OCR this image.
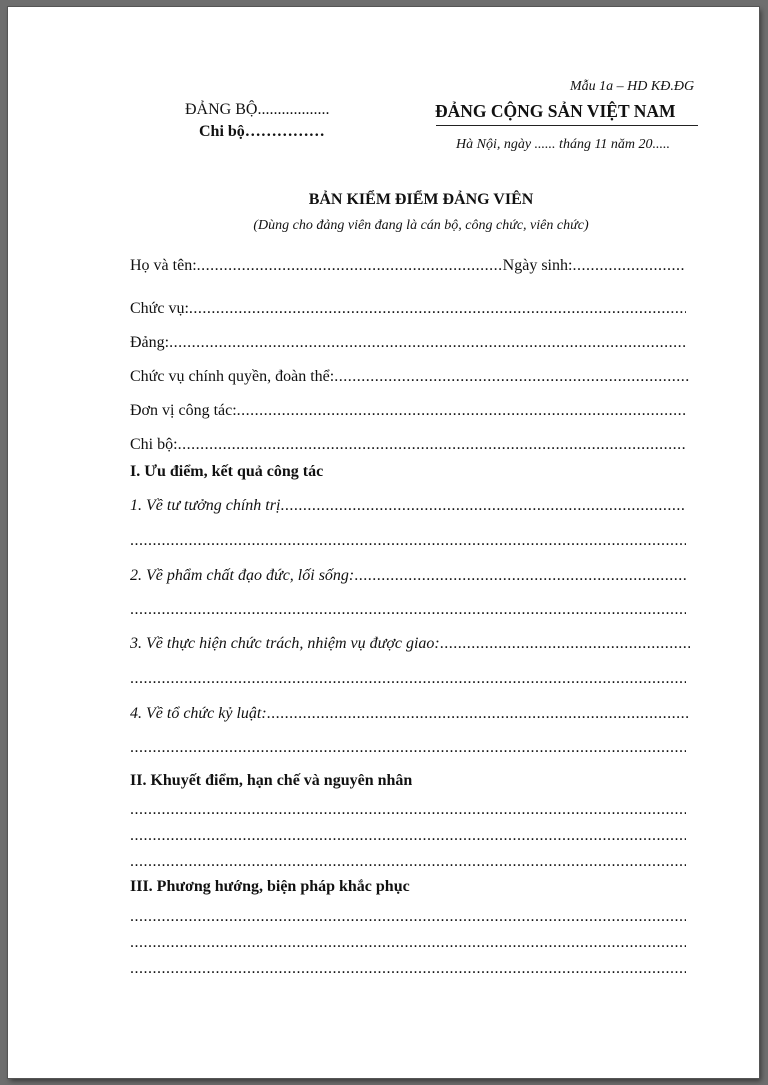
Mẫu 1a – HD KĐ.ĐG
ĐẢNG BỘ..................
Chi bộ……………
ĐẢNG CỘNG SẢN VIỆT NAM
Hà Nội, ngày ...... tháng 11 năm 20.....
BẢN KIỂM ĐIỂM ĐẢNG VIÊN
(Dùng cho đảng viên đang là cán bộ, công chức, viên chức)
Họ và tên: .................................................................... Ngày sinh:
.....
Chức vụ:
.....
Đảng:
.....
Chức vụ chính quyền, đoàn thể:
.....
Đơn vị công tác:
.....
Chi bộ:
.....
I. Ưu điểm, kết quả công tác
1. Về tư tưởng chính trị
.....
.....
2. Về phẩm chất đạo đức, lối sống:
.....
.....
3. Về thực hiện chức trách, nhiệm vụ được giao:
.....
.....
4. Về tổ chức kỷ luật:
.....
.....
II. Khuyết điểm, hạn chế và nguyên nhân
.....
.....
.....
III. Phương hướng, biện pháp khắc phục
.....
.....
.....
